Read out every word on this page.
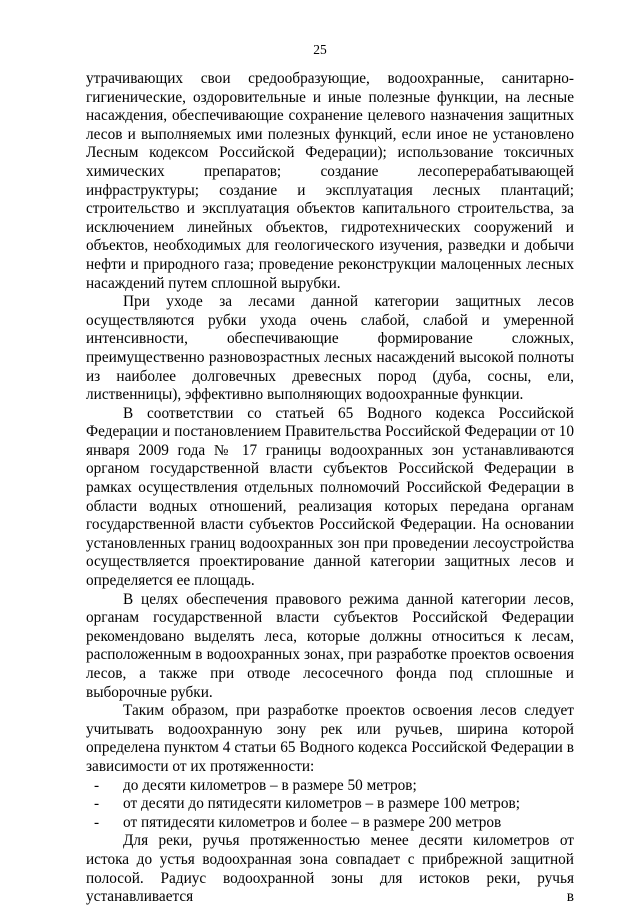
25

утрачивающих свои средообразующие, водоохранные, санитарно-гигиенические, оздоровительные и иные полезные функции, на лесные насаждения, обеспечивающие сохранение целевого назначения защитных лесов и выполняемых ими полезных функций, если иное не установлено Лесным кодексом Российской Федерации); использование токсичных химических препаратов; создание лесоперерабатывающей инфраструктуры; создание и эксплуатация лесных плантаций; строительство и эксплуатация объектов капитального строительства, за исключением линейных объектов, гидротехнических сооружений и объектов, необходимых для геологического изучения, разведки и добычи нефти и природного газа; проведение реконструкции малоценных лесных насаждений путем сплошной вырубки.

При уходе за лесами данной категории защитных лесов осуществляются рубки ухода очень слабой, слабой и умеренной интенсивности, обеспечивающие формирование сложных, преимущественно разновозрастных лесных насаждений высокой полноты из наиболее долговечных древесных пород (дуба, сосны, ели, лиственницы), эффективно выполняющих водоохранные функции.

В соответствии со статьей 65 Водного кодекса Российской Федерации и постановлением Правительства Российской Федерации от 10 января 2009 года № 17 границы водоохранных зон устанавливаются органом государственной власти субъектов Российской Федерации в рамках осуществления отдельных полномочий Российской Федерации в области водных отношений, реализация которых передана органам государственной власти субъектов Российской Федерации. На основании установленных границ водоохранных зон при проведении лесоустройства осуществляется проектирование данной категории защитных лесов и определяется ее площадь.

В целях обеспечения правового режима данной категории лесов, органам государственной власти субъектов Российской Федерации рекомендовано выделять леса, которые должны относиться к лесам, расположенным в водоохранных зонах, при разработке проектов освоения лесов, а также при отводе лесосечного фонда под сплошные и выборочные рубки.

Таким образом, при разработке проектов освоения лесов следует учитывать водоохранную зону рек или ручьев, ширина которой определена пунктом 4 статьи 65 Водного кодекса Российской Федерации в зависимости от их протяженности:

- до десяти километров – в размере 50 метров;
- от десяти до пятидесяти километров – в размере 100 метров;
- от пятидесяти километров и более – в размере 200 метров

Для реки, ручья протяженностью менее десяти километров от истока до устья водоохранная зона совпадает с прибрежной защитной полосой. Радиус водоохранной зоны для истоков реки, ручья устанавливается в
